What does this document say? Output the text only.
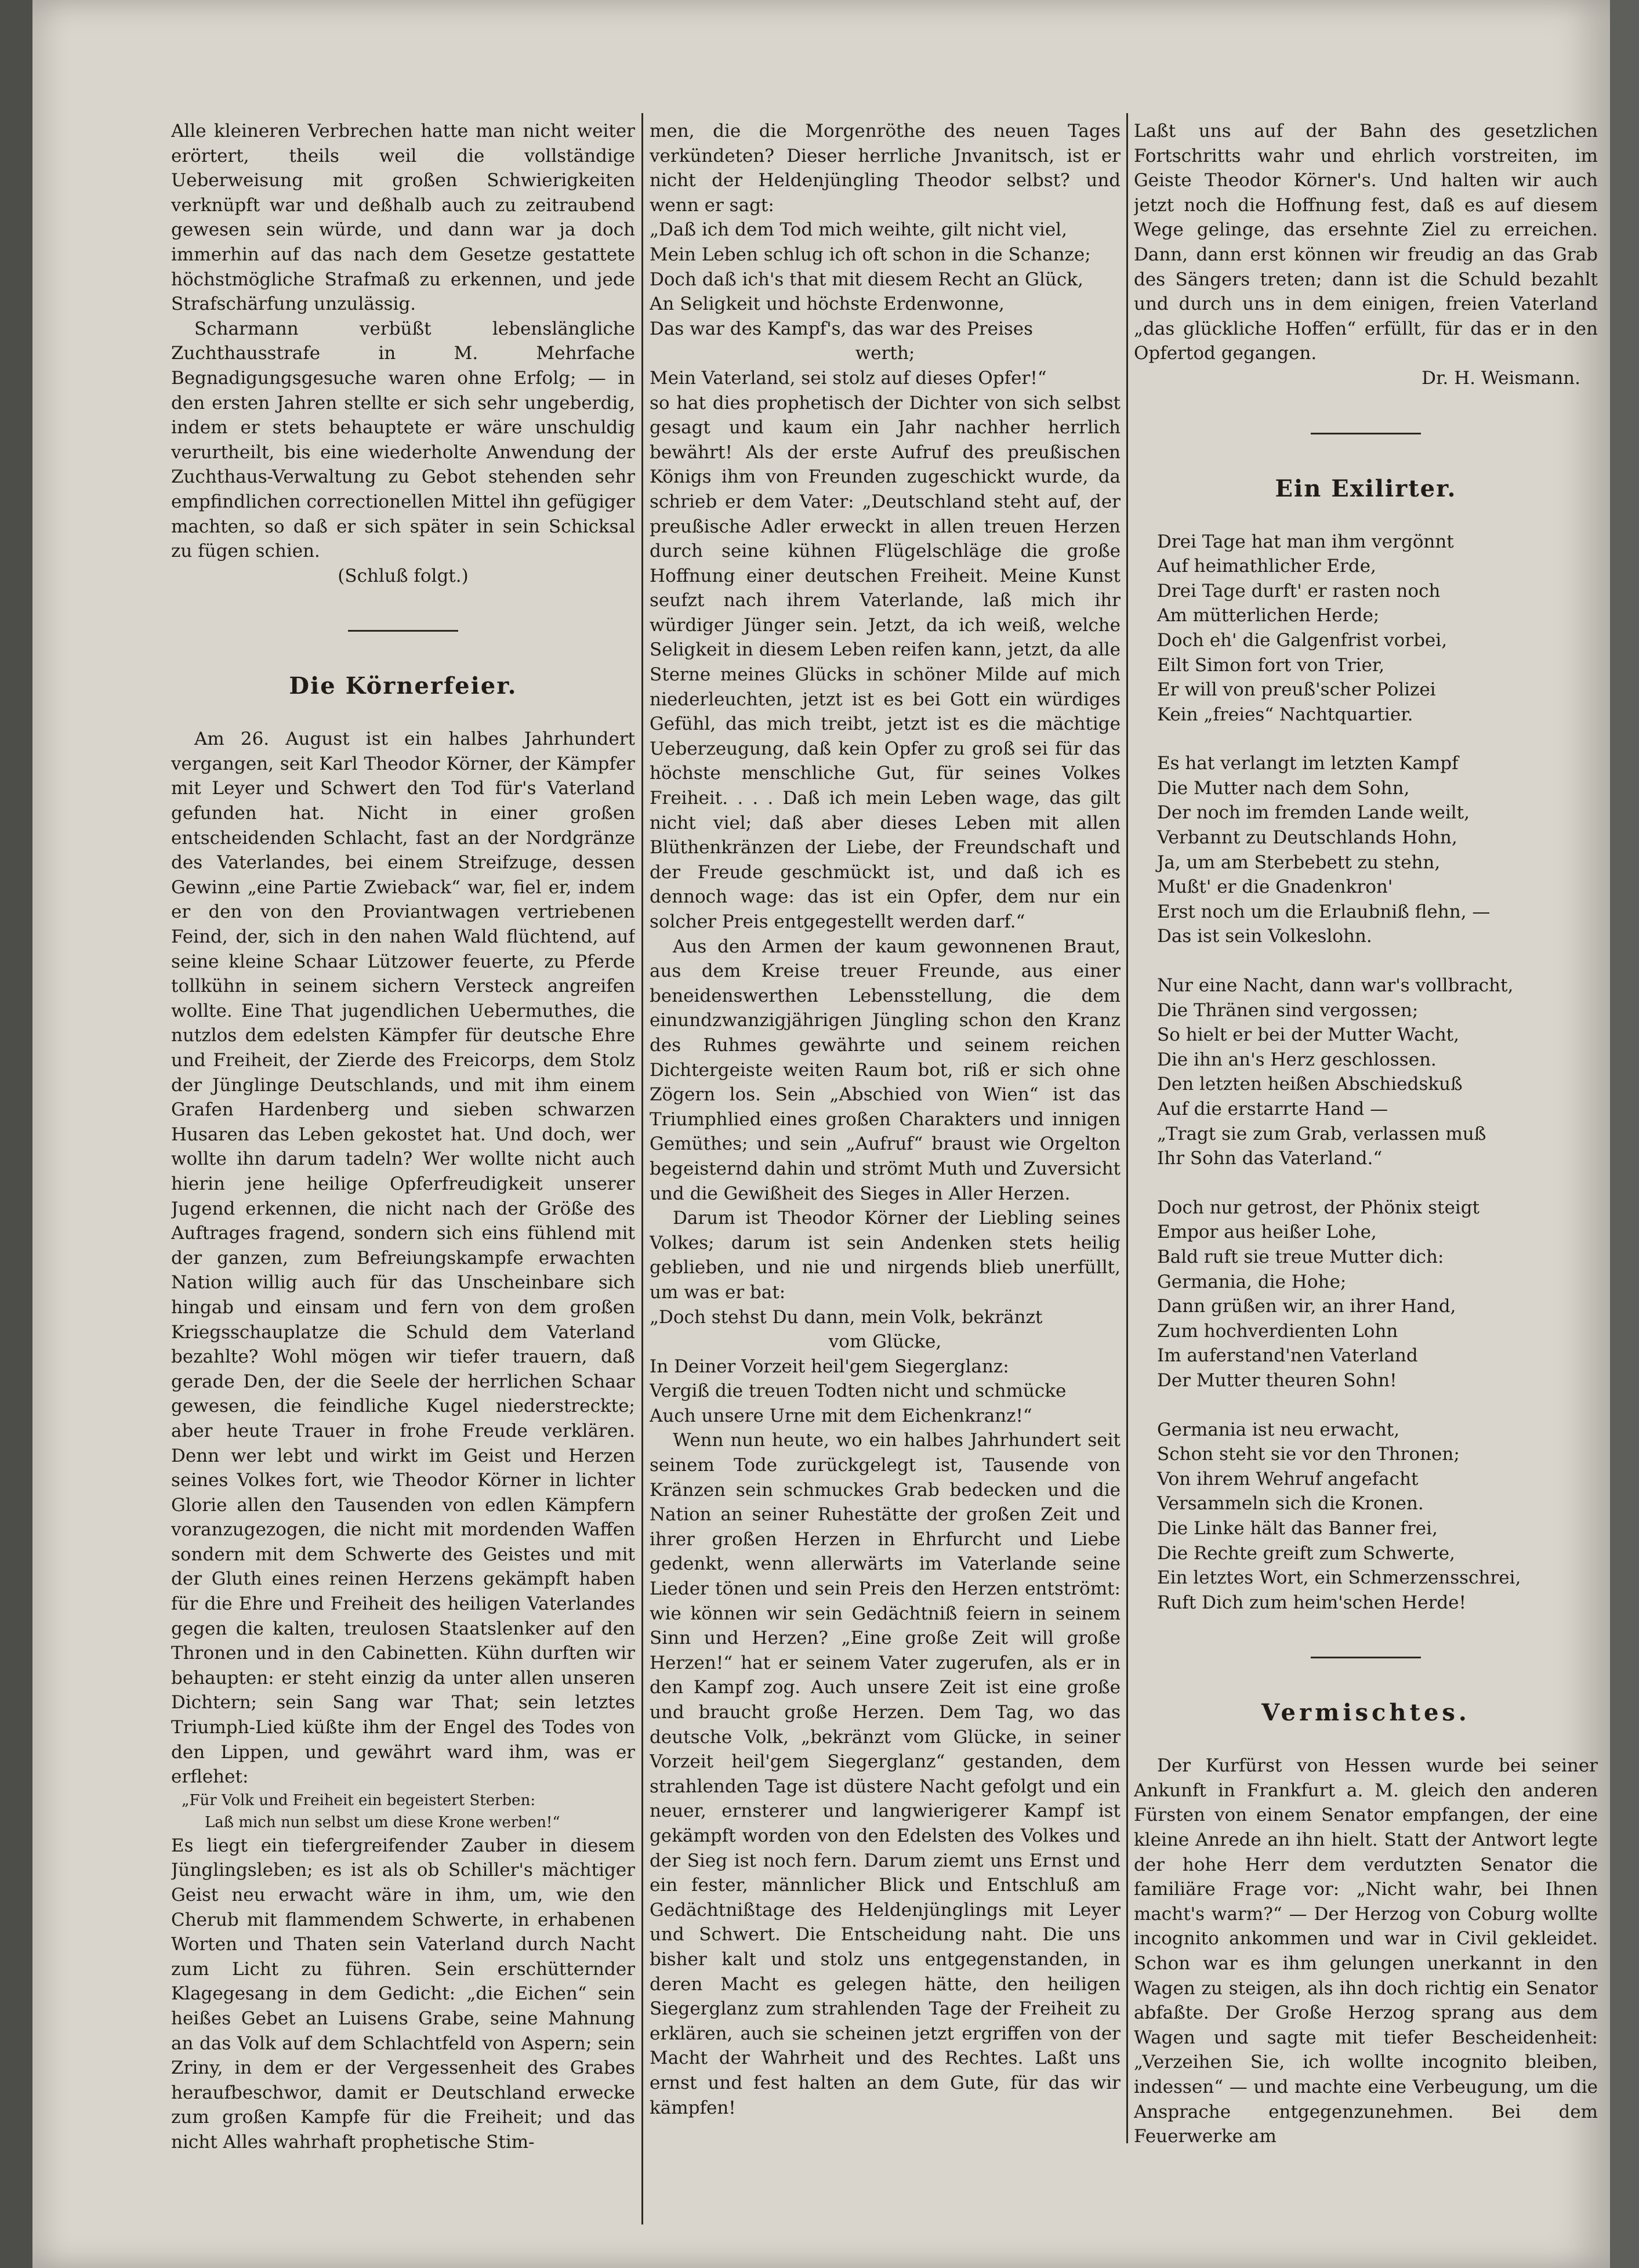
Alle kleineren Verbrechen hatte man nicht weiter erörtert, theils weil die vollständige Ueberweisung mit großen Schwierigkeiten verknüpft war und deßhalb auch zu zeitraubend gewesen sein würde, und dann war ja doch immerhin auf das nach dem Gesetze gestattete höchstmögliche Strafmaß zu erkennen, und jede Strafschärfung unzulässig.

Scharmann verbüßt lebenslängliche Zuchthausstrafe in M. Mehrfache Begnadigungsgesuche waren ohne Erfolg; — in den ersten Jahren stellte er sich sehr ungeberdig, indem er stets behauptete er wäre unschuldig verurtheilt, bis eine wiederholte Anwendung der Zuchthaus-Verwaltung zu Gebot stehenden sehr empfindlichen correctionellen Mittel ihn gefügiger machten, so daß er sich später in sein Schicksal zu fügen schien.

(Schluß folgt.)

Die Körnerfeier.

Am 26. August ist ein halbes Jahrhundert vergangen, seit Karl Theodor Körner, der Kämpfer mit Leyer und Schwert den Tod für's Vaterland gefunden hat. Nicht in einer großen entscheidenden Schlacht, fast an der Nordgränze des Vaterlandes, bei einem Streifzuge, dessen Gewinn „eine Partie Zwieback“ war, fiel er, indem er den von den Proviantwagen vertriebenen Feind, der, sich in den nahen Wald flüchtend, auf seine kleine Schaar Lützower feuerte, zu Pferde tollkühn in seinem sichern Versteck angreifen wollte. Eine That jugendlichen Uebermuthes, die nutzlos dem edelsten Kämpfer für deutsche Ehre und Freiheit, der Zierde des Freicorps, dem Stolz der Jünglinge Deutschlands, und mit ihm einem Grafen Hardenberg und sieben schwarzen Husaren das Leben gekostet hat. Und doch, wer wollte ihn darum tadeln? Wer wollte nicht auch hierin jene heilige Opferfreudigkeit unserer Jugend erkennen, die nicht nach der Größe des Auftrages fragend, sondern sich eins fühlend mit der ganzen, zum Befreiungskampfe erwachten Nation willig auch für das Unscheinbare sich hingab und einsam und fern von dem großen Kriegsschauplatze die Schuld dem Vaterland bezahlte? Wohl mögen wir tiefer trauern, daß gerade Den, der die Seele der herrlichen Schaar gewesen, die feindliche Kugel niederstreckte; aber heute Trauer in frohe Freude verklären. Denn wer lebt und wirkt im Geist und Herzen seines Volkes fort, wie Theodor Körner in lichter Glorie allen den Tausenden von edlen Kämpfern voranzugezogen, die nicht mit mordenden Waffen sondern mit dem Schwerte des Geistes und mit der Gluth eines reinen Herzens gekämpft haben für die Ehre und Freiheit des heiligen Vaterlandes gegen die kalten, treulosen Staatslenker auf den Thronen und in den Cabinetten. Kühn durften wir behaupten: er steht einzig da unter allen unseren Dichtern; sein Sang war That; sein letztes Triumph-Lied küßte ihm der Engel des Todes von den Lippen, und gewährt ward ihm, was er erflehet:

„Für Volk und Freiheit ein begeistert Sterben:

Laß mich nun selbst um diese Krone werben!“

Es liegt ein tiefergreifender Zauber in diesem Jünglingsleben; es ist als ob Schiller's mächtiger Geist neu erwacht wäre in ihm, um, wie den Cherub mit flammendem Schwerte, in erhabenen Worten und Thaten sein Vaterland durch Nacht zum Licht zu führen. Sein erschütternder Klagegesang in dem Gedicht: „die Eichen“ sein heißes Gebet an Luisens Grabe, seine Mahnung an das Volk auf dem Schlachtfeld von Aspern; sein Zriny, in dem er der Vergessenheit des Grabes heraufbeschwor, damit er Deutschland erwecke zum großen Kampfe für die Freiheit; und das nicht Alles wahrhaft prophetische Stim-

men, die die Morgenröthe des neuen Tages verkündeten? Dieser herrliche Jnvanitsch, ist er nicht der Heldenjüngling Theodor selbst? und wenn er sagt:

„Daß ich dem Tod mich weihte, gilt nicht viel,

Mein Leben schlug ich oft schon in die Schanze;

Doch daß ich's that mit diesem Recht an Glück,

An Seligkeit und höchste Erdenwonne,

Das war des Kampf's, das war des Preises

werth;

Mein Vaterland, sei stolz auf dieses Opfer!“

so hat dies prophetisch der Dichter von sich selbst gesagt und kaum ein Jahr nachher herrlich bewährt! Als der erste Aufruf des preußischen Königs ihm von Freunden zugeschickt wurde, da schrieb er dem Vater: „Deutschland steht auf, der preußische Adler erweckt in allen treuen Herzen durch seine kühnen Flügelschläge die große Hoffnung einer deutschen Freiheit. Meine Kunst seufzt nach ihrem Vaterlande, laß mich ihr würdiger Jünger sein. Jetzt, da ich weiß, welche Seligkeit in diesem Leben reifen kann, jetzt, da alle Sterne meines Glücks in schöner Milde auf mich niederleuchten, jetzt ist es bei Gott ein würdiges Gefühl, das mich treibt, jetzt ist es die mächtige Ueberzeugung, daß kein Opfer zu groß sei für das höchste menschliche Gut, für seines Volkes Freiheit. . . . Daß ich mein Leben wage, das gilt nicht viel; daß aber dieses Leben mit allen Blüthenkränzen der Liebe, der Freundschaft und der Freude geschmückt ist, und daß ich es dennoch wage: das ist ein Opfer, dem nur ein solcher Preis entgegestellt werden darf.“

Aus den Armen der kaum gewonnenen Braut, aus dem Kreise treuer Freunde, aus einer beneidenswerthen Lebensstellung, die dem einundzwanzigjährigen Jüngling schon den Kranz des Ruhmes gewährte und seinem reichen Dichtergeiste weiten Raum bot, riß er sich ohne Zögern los. Sein „Abschied von Wien“ ist das Triumphlied eines großen Charakters und innigen Gemüthes; und sein „Aufruf“ braust wie Orgelton begeisternd dahin und strömt Muth und Zuversicht und die Gewißheit des Sieges in Aller Herzen.

Darum ist Theodor Körner der Liebling seines Volkes; darum ist sein Andenken stets heilig geblieben, und nie und nirgends blieb unerfüllt, um was er bat:

„Doch stehst Du dann, mein Volk, bekränzt

vom Glücke,

In Deiner Vorzeit heil'gem Siegerglanz:

Vergiß die treuen Todten nicht und schmücke

Auch unsere Urne mit dem Eichenkranz!“

Wenn nun heute, wo ein halbes Jahrhundert seit seinem Tode zurückgelegt ist, Tausende von Kränzen sein schmuckes Grab bedecken und die Nation an seiner Ruhestätte der großen Zeit und ihrer großen Herzen in Ehrfurcht und Liebe gedenkt, wenn allerwärts im Vaterlande seine Lieder tönen und sein Preis den Herzen entströmt: wie können wir sein Gedächtniß feiern in seinem Sinn und Herzen? „Eine große Zeit will große Herzen!“ hat er seinem Vater zugerufen, als er in den Kampf zog. Auch unsere Zeit ist eine große und braucht große Herzen. Dem Tag, wo das deutsche Volk, „bekränzt vom Glücke, in seiner Vorzeit heil'gem Siegerglanz“ gestanden, dem strahlenden Tage ist düstere Nacht gefolgt und ein neuer, ernsterer und langwierigerer Kampf ist gekämpft worden von den Edelsten des Volkes und der Sieg ist noch fern. Darum ziemt uns Ernst und ein fester, männlicher Blick und Entschluß am Gedächtnißtage des Heldenjünglings mit Leyer und Schwert. Die Entscheidung naht. Die uns bisher kalt und stolz uns entgegenstanden, in deren Macht es gelegen hätte, den heiligen Siegerglanz zum strahlenden Tage der Freiheit zu erklären, auch sie scheinen jetzt ergriffen von der Macht der Wahrheit und des Rechtes. Laßt uns ernst und fest halten an dem Gute, für das wir kämpfen!

Laßt uns auf der Bahn des gesetzlichen Fortschritts wahr und ehrlich vorstreiten, im Geiste Theodor Körner's. Und halten wir auch jetzt noch die Hoffnung fest, daß es auf diesem Wege gelinge, das ersehnte Ziel zu erreichen. Dann, dann erst können wir freudig an das Grab des Sängers treten; dann ist die Schuld bezahlt und durch uns in dem einigen, freien Vaterland „das glückliche Hoffen“ erfüllt, für das er in den Opfertod gegangen.

Dr. H. Weismann.

Ein Exilirter.
Drei Tage hat man ihm vergönnt
Auf heimathlicher Erde,
Drei Tage durft' er rasten noch
Am mütterlichen Herde;
Doch eh' die Galgenfrist vorbei,
Eilt Simon fort von Trier,
Er will von preuß'scher Polizei
Kein „freies“ Nachtquartier.
Es hat verlangt im letzten Kampf
Die Mutter nach dem Sohn,
Der noch im fremden Lande weilt,
Verbannt zu Deutschlands Hohn,
Ja, um am Sterbebett zu stehn,
Mußt' er die Gnadenkron'
Erst noch um die Erlaubniß flehn, —
Das ist sein Volkeslohn.
Nur eine Nacht, dann war's vollbracht,
Die Thränen sind vergossen;
So hielt er bei der Mutter Wacht,
Die ihn an's Herz geschlossen.
Den letzten heißen Abschiedskuß
Auf die erstarrte Hand —
„Tragt sie zum Grab, verlassen muß
Ihr Sohn das Vaterland.“
Doch nur getrost, der Phönix steigt
Empor aus heißer Lohe,
Bald ruft sie treue Mutter dich:
Germania, die Hohe;
Dann grüßen wir, an ihrer Hand,
Zum hochverdienten Lohn
Im auferstand'nen Vaterland
Der Mutter theuren Sohn!
Germania ist neu erwacht,
Schon steht sie vor den Thronen;
Von ihrem Wehruf angefacht
Versammeln sich die Kronen.
Die Linke hält das Banner frei,
Die Rechte greift zum Schwerte,
Ein letztes Wort, ein Schmerzensschrei,
Ruft Dich zum heim'schen Herde!
Vermischtes.

Der Kurfürst von Hessen wurde bei seiner Ankunft in Frankfurt a. M. gleich den anderen Fürsten von einem Senator empfangen, der eine kleine Anrede an ihn hielt. Statt der Antwort legte der hohe Herr dem verdutzten Senator die familiäre Frage vor: „Nicht wahr, bei Ihnen macht's warm?“ — Der Herzog von Coburg wollte incognito ankommen und war in Civil gekleidet. Schon war es ihm gelungen unerkannt in den Wagen zu steigen, als ihn doch richtig ein Senator abfaßte. Der Große Herzog sprang aus dem Wagen und sagte mit tiefer Bescheidenheit: „Verzeihen Sie, ich wollte incognito bleiben, indessen“ — und machte eine Verbeugung, um die Ansprache entgegenzunehmen. Bei dem Feuerwerke am
